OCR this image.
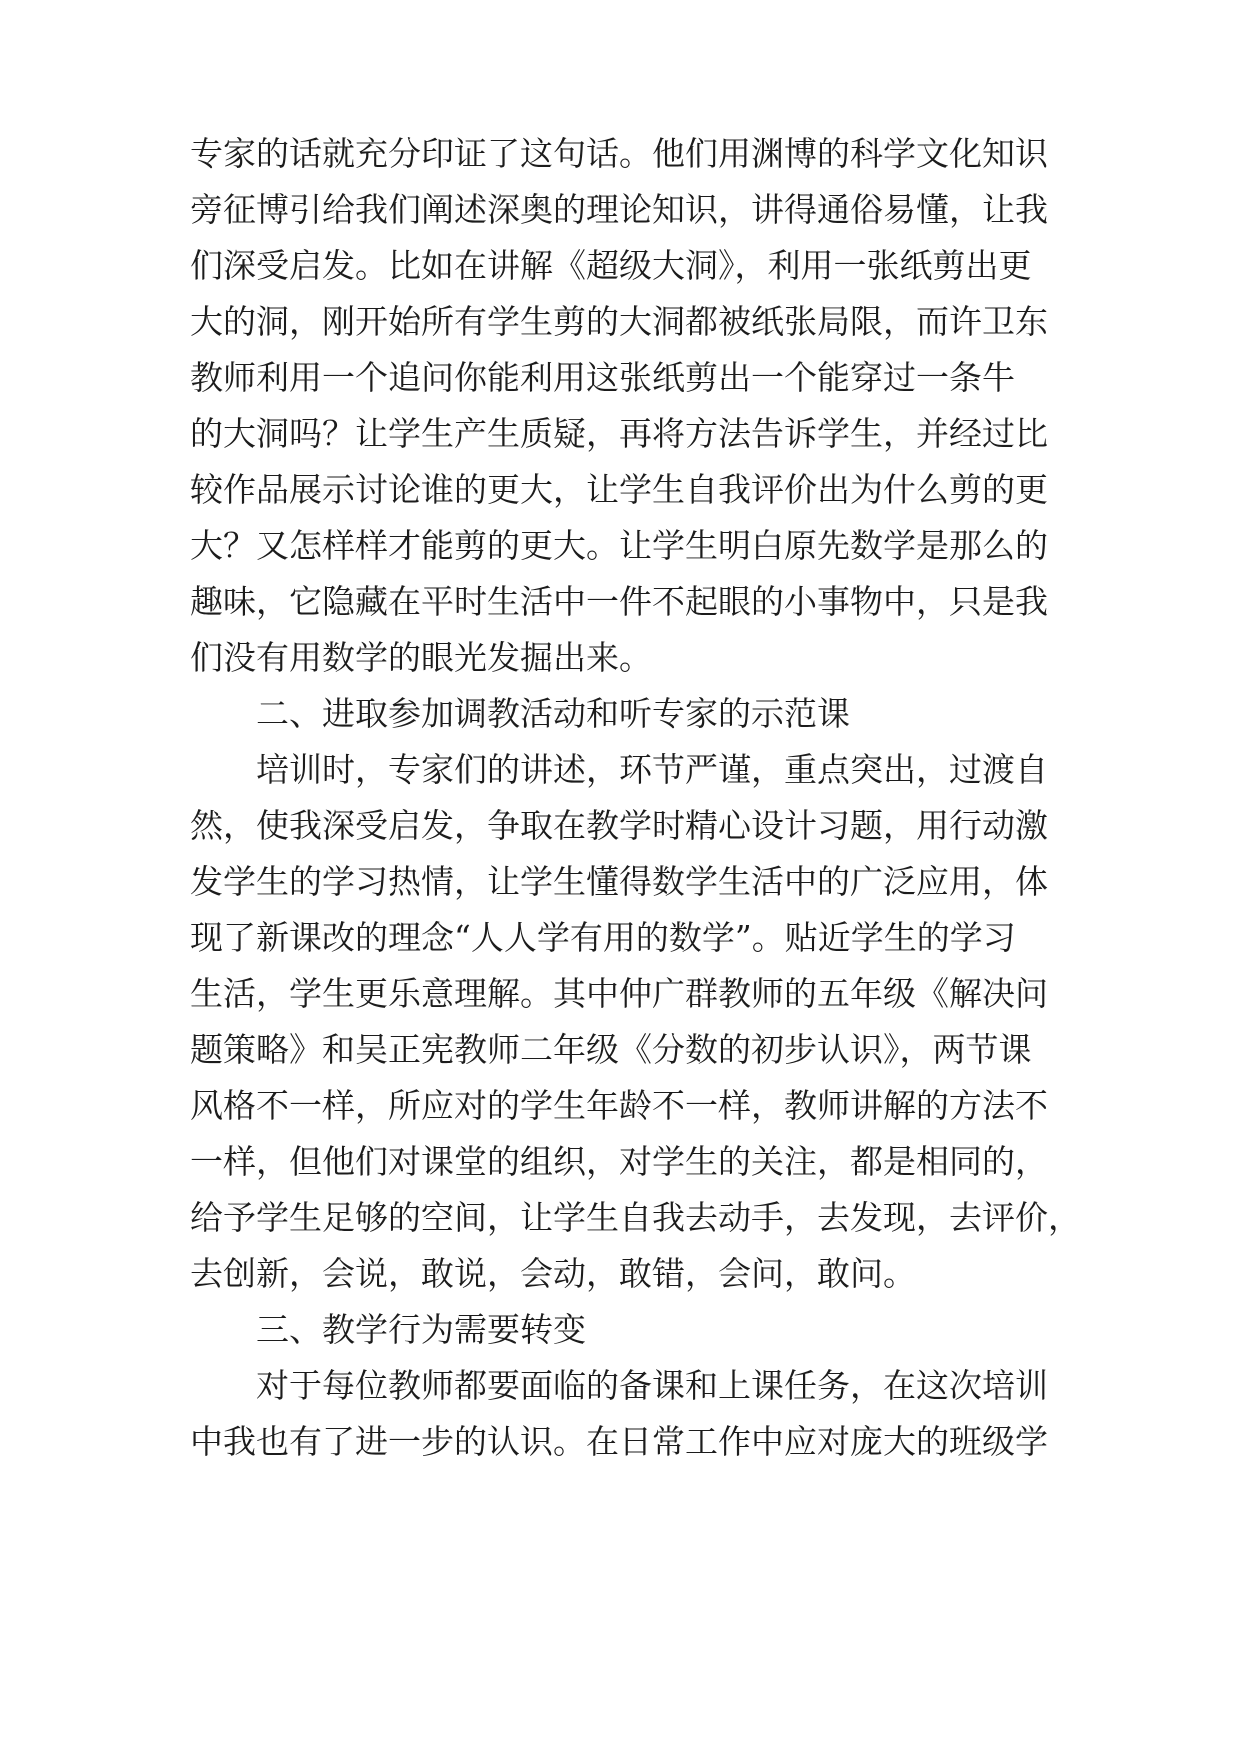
专家的话就充分印证了这句话。他们用渊博的科学文化知识
旁征博引给我们阐述深奥的理论知识，讲得通俗易懂，让我
们深受启发。比如在讲解《超级大洞》，利用一张纸剪出更
大的洞，刚开始所有学生剪的大洞都被纸张局限，而许卫东
教师利用一个追问你能利用这张纸剪出一个能穿过一条牛
的大洞吗？让学生产生质疑，再将方法告诉学生，并经过比
较作品展示讨论谁的更大，让学生自我评价出为什么剪的更
大？又怎样样才能剪的更大。让学生明白原先数学是那么的
趣味，它隐藏在平时生活中一件不起眼的小事物中，只是我
们没有用数学的眼光发掘出来。
二、进取参加调教活动和听专家的示范课
培训时，专家们的讲述，环节严谨，重点突出，过渡自
然，使我深受启发，争取在教学时精心设计习题，用行动激
发学生的学习热情，让学生懂得数学生活中的广泛应用，体
现了新课改的理念“人人学有用的数学”。贴近学生的学习
生活，学生更乐意理解。其中仲广群教师的五年级《解决问
题策略》和吴正宪教师二年级《分数的初步认识》，两节课
风格不一样，所应对的学生年龄不一样，教师讲解的方法不
一样，但他们对课堂的组织，对学生的关注，都是相同的，
给予学生足够的空间，让学生自我去动手，去发现，去评价，
去创新，会说，敢说，会动，敢错，会问，敢问。
三、教学行为需要转变
对于每位教师都要面临的备课和上课任务，在这次培训
中我也有了进一步的认识。在日常工作中应对庞大的班级学
